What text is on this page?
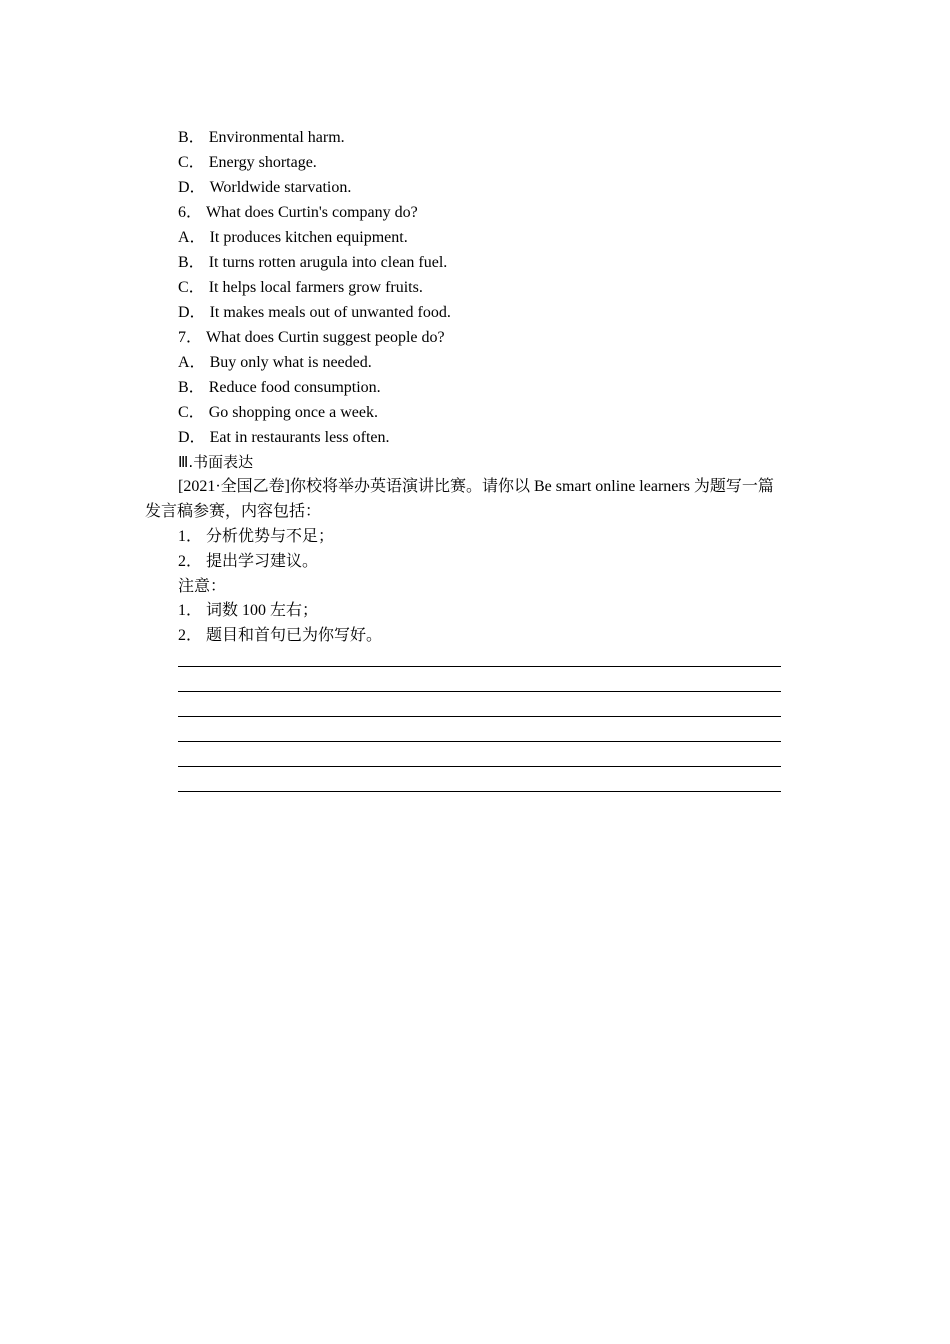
B． Environmental harm.
C． Energy shortage.
D． Worldwide starvation.
6． What does Curtin's company do?
A． It produces kitchen equipment.
B． It turns rotten arugula into clean fuel.
C． It helps local farmers grow fruits.
D． It makes meals out of unwanted food.
7． What does Curtin suggest people do?
A． Buy only what is needed.
B． Reduce food consumption.
C． Go shopping once a week.
D． Eat in restaurants less often.
Ⅲ.书面表达
[2021·全国乙卷]你校将举办英语演讲比赛。请你以 Be smart online learners 为题写一篇
发言稿参赛，内容包括：
1． 分析优势与不足；
2． 提出学习建议。
注意：
1． 词数 100 左右；
2． 题目和首句已为你写好。
